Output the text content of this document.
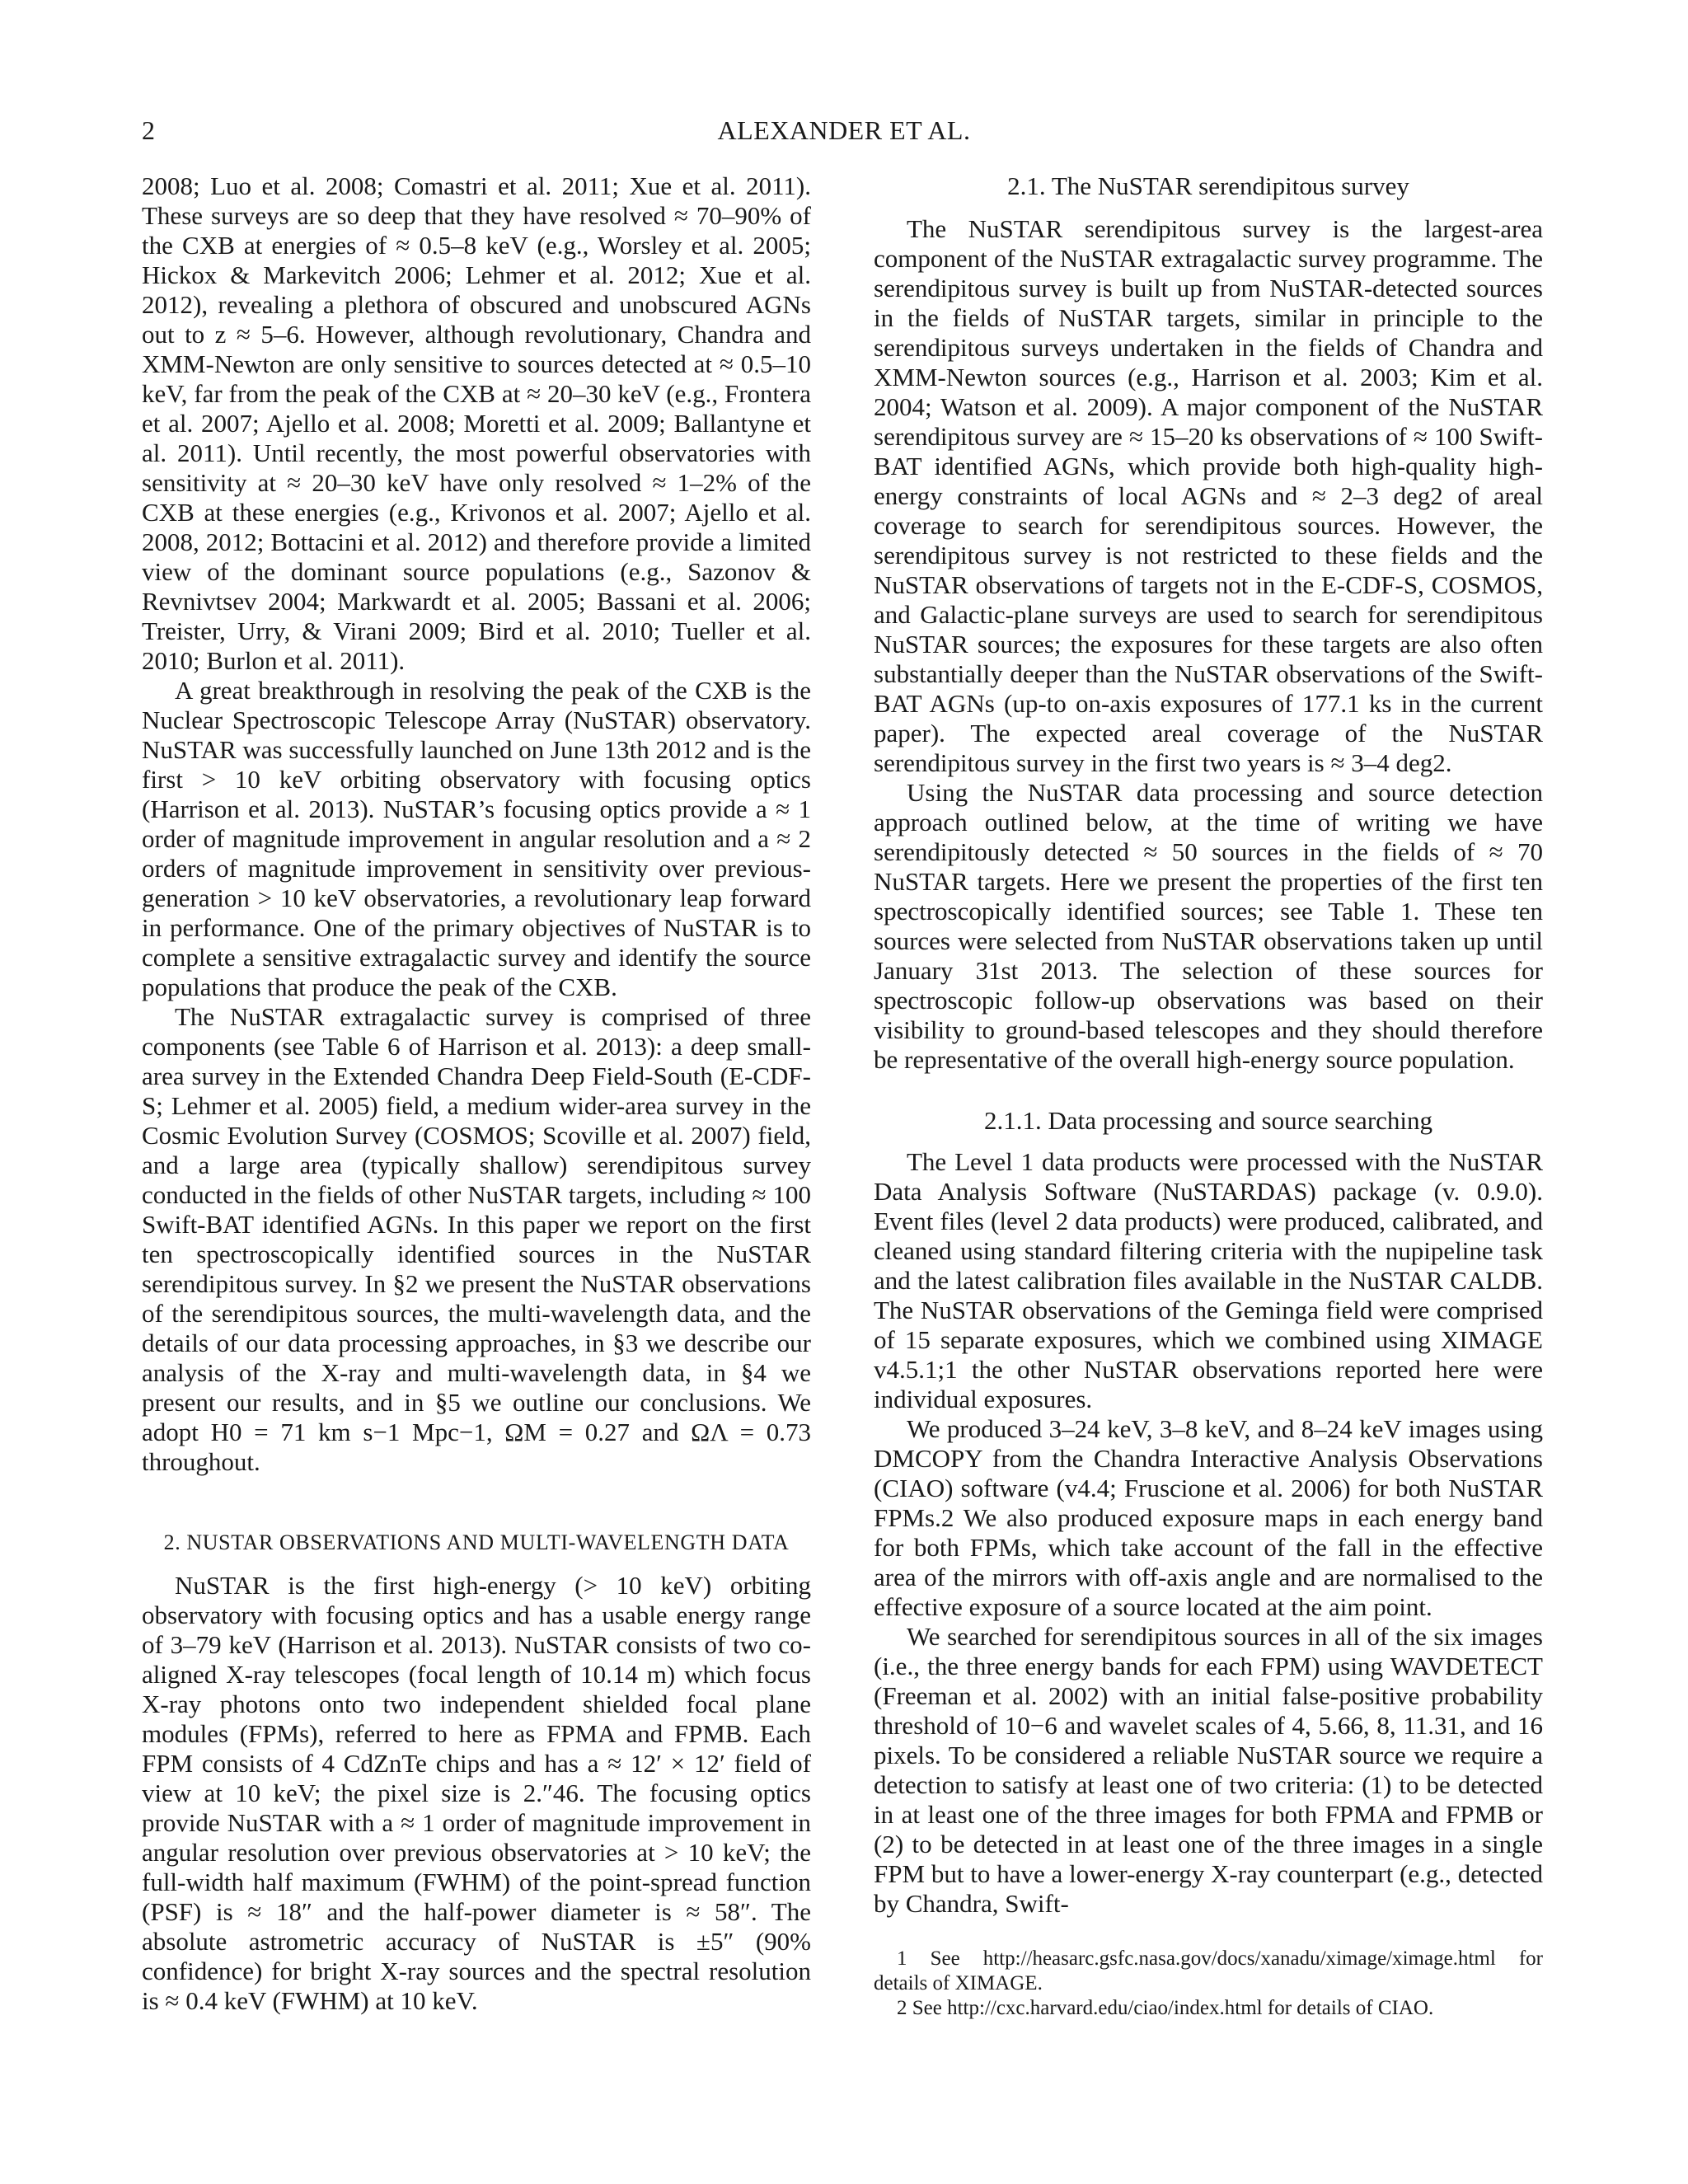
2	ALEXANDER ET AL.

2008; Luo et al. 2008; Comastri et al. 2011; Xue et al. 2011). These surveys are so deep that they have resolved ≈ 70–90% of the CXB at energies of ≈ 0.5–8 keV (e.g., Worsley et al. 2005; Hickox & Markevitch 2006; Lehmer et al. 2012; Xue et al. 2012), revealing a plethora of obscured and unobscured AGNs out to z ≈ 5–6. However, although revolutionary, Chandra and XMM-Newton are only sensitive to sources detected at ≈ 0.5–10 keV, far from the peak of the CXB at ≈ 20–30 keV (e.g., Frontera et al. 2007; Ajello et al. 2008; Moretti et al. 2009; Ballantyne et al. 2011). Until recently, the most powerful observatories with sensitivity at ≈ 20–30 keV have only resolved ≈ 1–2% of the CXB at these energies (e.g., Krivonos et al. 2007; Ajello et al. 2008, 2012; Bottacini et al. 2012) and therefore provide a limited view of the dominant source populations (e.g., Sazonov & Revnivtsev 2004; Markwardt et al. 2005; Bassani et al. 2006; Treister, Urry, & Virani 2009; Bird et al. 2010; Tueller et al. 2010; Burlon et al. 2011).

A great breakthrough in resolving the peak of the CXB is the Nuclear Spectroscopic Telescope Array (NuSTAR) observatory. NuSTAR was successfully launched on June 13th 2012 and is the first > 10 keV orbiting observatory with focusing optics (Harrison et al. 2013). NuSTAR’s focusing optics provide a ≈ 1 order of magnitude improvement in angular resolution and a ≈ 2 orders of magnitude improvement in sensitivity over previous-generation > 10 keV observatories, a revolutionary leap forward in performance. One of the primary objectives of NuSTAR is to complete a sensitive extragalactic survey and identify the source populations that produce the peak of the CXB.

The NuSTAR extragalactic survey is comprised of three components (see Table 6 of Harrison et al. 2013): a deep small-area survey in the Extended Chandra Deep Field-South (E-CDF-S; Lehmer et al. 2005) field, a medium wider-area survey in the Cosmic Evolution Survey (COSMOS; Scoville et al. 2007) field, and a large area (typically shallow) serendipitous survey conducted in the fields of other NuSTAR targets, including ≈ 100 Swift-BAT identified AGNs. In this paper we report on the first ten spectroscopically identified sources in the NuSTAR serendipitous survey. In §2 we present the NuSTAR observations of the serendipitous sources, the multi-wavelength data, and the details of our data processing approaches, in §3 we describe our analysis of the X-ray and multi-wavelength data, in §4 we present our results, and in §5 we outline our conclusions. We adopt H0 = 71 km s−1 Mpc−1, ΩM = 0.27 and ΩΛ = 0.73 throughout.

2. NUSTAR OBSERVATIONS AND MULTI-WAVELENGTH DATA

NuSTAR is the first high-energy (> 10 keV) orbiting observatory with focusing optics and has a usable energy range of 3–79 keV (Harrison et al. 2013). NuSTAR consists of two co-aligned X-ray telescopes (focal length of 10.14 m) which focus X-ray photons onto two independent shielded focal plane modules (FPMs), referred to here as FPMA and FPMB. Each FPM consists of 4 CdZnTe chips and has a ≈ 12′ × 12′ field of view at 10 keV; the pixel size is 2.″46. The focusing optics provide NuSTAR with a ≈ 1 order of magnitude improvement in angular resolution over previous observatories at > 10 keV; the full-width half maximum (FWHM) of the point-spread function (PSF) is ≈ 18″ and the half-power diameter is ≈ 58″. The absolute astrometric accuracy of NuSTAR is ±5″ (90% confidence) for bright X-ray sources and the spectral resolution is ≈ 0.4 keV (FWHM) at 10 keV.

2.1. The NuSTAR serendipitous survey

The NuSTAR serendipitous survey is the largest-area component of the NuSTAR extragalactic survey programme. The serendipitous survey is built up from NuSTAR-detected sources in the fields of NuSTAR targets, similar in principle to the serendipitous surveys undertaken in the fields of Chandra and XMM-Newton sources (e.g., Harrison et al. 2003; Kim et al. 2004; Watson et al. 2009). A major component of the NuSTAR serendipitous survey are ≈ 15–20 ks observations of ≈ 100 Swift-BAT identified AGNs, which provide both high-quality high-energy constraints of local AGNs and ≈ 2–3 deg2 of areal coverage to search for serendipitous sources. However, the serendipitous survey is not restricted to these fields and the NuSTAR observations of targets not in the E-CDF-S, COSMOS, and Galactic-plane surveys are used to search for serendipitous NuSTAR sources; the exposures for these targets are also often substantially deeper than the NuSTAR observations of the Swift-BAT AGNs (up-to on-axis exposures of 177.1 ks in the current paper). The expected areal coverage of the NuSTAR serendipitous survey in the first two years is ≈ 3–4 deg2.

Using the NuSTAR data processing and source detection approach outlined below, at the time of writing we have serendipitously detected ≈ 50 sources in the fields of ≈ 70 NuSTAR targets. Here we present the properties of the first ten spectroscopically identified sources; see Table 1. These ten sources were selected from NuSTAR observations taken up until January 31st 2013. The selection of these sources for spectroscopic follow-up observations was based on their visibility to ground-based telescopes and they should therefore be representative of the overall high-energy source population.

2.1.1. Data processing and source searching

The Level 1 data products were processed with the NuSTAR Data Analysis Software (NuSTARDAS) package (v. 0.9.0). Event files (level 2 data products) were produced, calibrated, and cleaned using standard filtering criteria with the nupipeline task and the latest calibration files available in the NuSTAR CALDB. The NuSTAR observations of the Geminga field were comprised of 15 separate exposures, which we combined using XIMAGE v4.5.1;1 the other NuSTAR observations reported here were individual exposures.

We produced 3–24 keV, 3–8 keV, and 8–24 keV images using DMCOPY from the Chandra Interactive Analysis Observations (CIAO) software (v4.4; Fruscione et al. 2006) for both NuSTAR FPMs.2 We also produced exposure maps in each energy band for both FPMs, which take account of the fall in the effective area of the mirrors with off-axis angle and are normalised to the effective exposure of a source located at the aim point.

We searched for serendipitous sources in all of the six images (i.e., the three energy bands for each FPM) using WAVDETECT (Freeman et al. 2002) with an initial false-positive probability threshold of 10−6 and wavelet scales of 4, 5.66, 8, 11.31, and 16 pixels. To be considered a reliable NuSTAR source we require a detection to satisfy at least one of two criteria: (1) to be detected in at least one of the three images for both FPMA and FPMB or (2) to be detected in at least one of the three images in a single FPM but to have a lower-energy X-ray counterpart (e.g., detected by Chandra, Swift-

1 See http://heasarc.gsfc.nasa.gov/docs/xanadu/ximage/ximage.html for details of XIMAGE.

2 See http://cxc.harvard.edu/ciao/index.html for details of CIAO.
